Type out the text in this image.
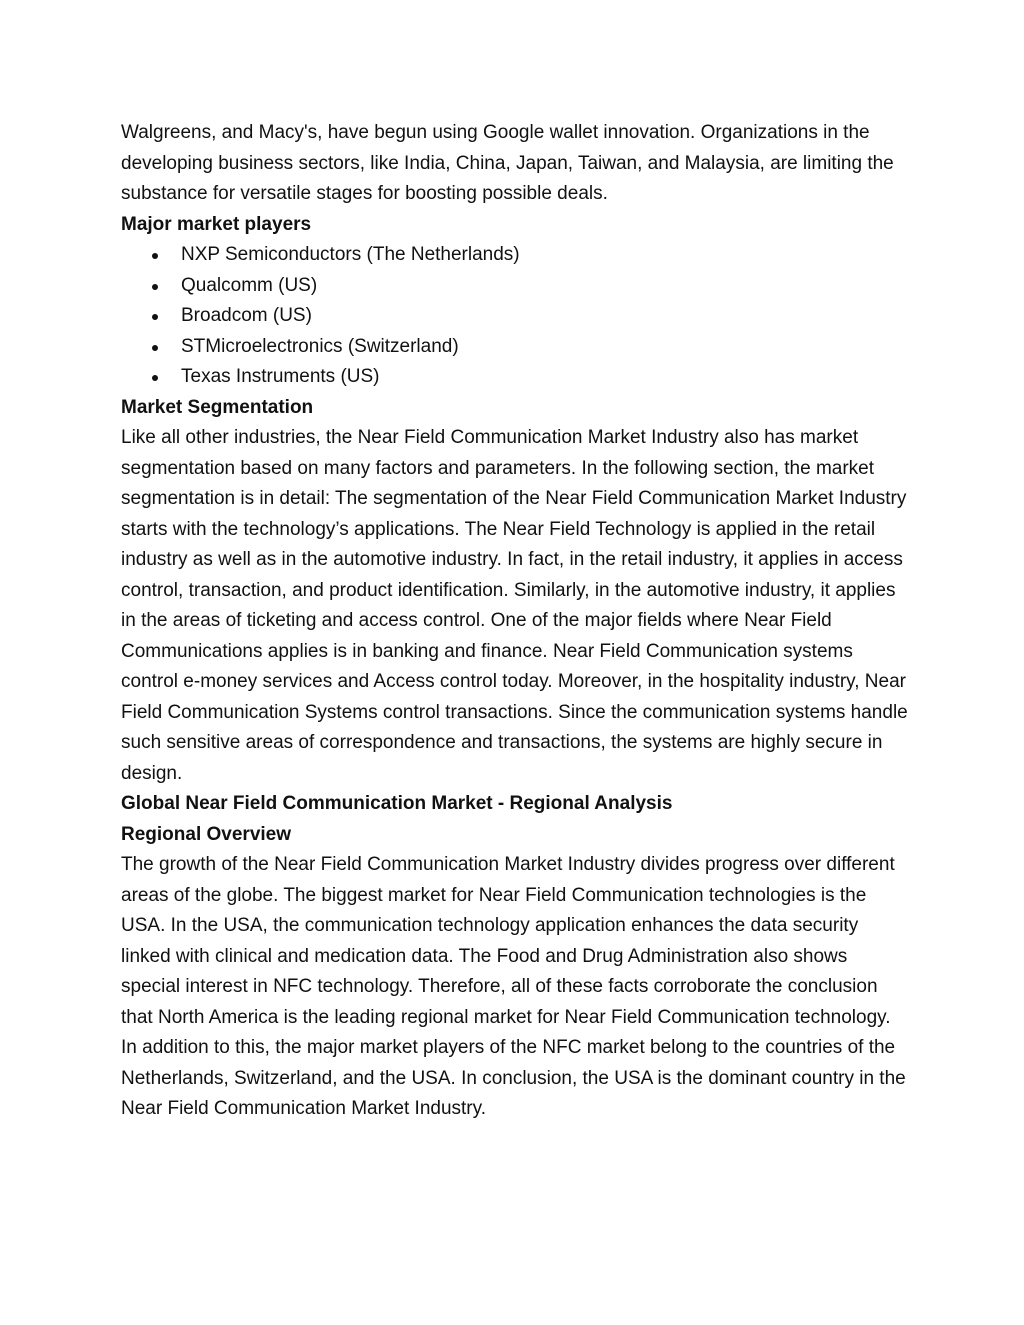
Walgreens, and Macy's, have begun using Google wallet innovation. Organizations in the developing business sectors, like India, China, Japan, Taiwan, and Malaysia, are limiting the substance for versatile stages for boosting possible deals.

Major market players

NXP Semiconductors (The Netherlands)
Qualcomm (US)
Broadcom (US)
STMicroelectronics (Switzerland)
Texas Instruments (US)

Market Segmentation

Like all other industries, the Near Field Communication Market Industry also has market segmentation based on many factors and parameters. In the following section, the market segmentation is in detail: The segmentation of the Near Field Communication Market Industry starts with the technology’s applications. The Near Field Technology is applied in the retail industry as well as in the automotive industry. In fact, in the retail industry, it applies in access control, transaction, and product identification. Similarly, in the automotive industry, it applies in the areas of ticketing and access control. One of the major fields where Near Field Communications applies is in banking and finance. Near Field Communication systems control e-money services and Access control today. Moreover, in the hospitality industry, Near Field Communication Systems control transactions. Since the communication systems handle such sensitive areas of correspondence and transactions, the systems are highly secure in design.

Global Near Field Communication Market - Regional Analysis

Regional Overview

The growth of the Near Field Communication Market Industry divides progress over different areas of the globe. The biggest market for Near Field Communication technologies is the USA. In the USA, the communication technology application enhances the data security linked with clinical and medication data. The Food and Drug Administration also shows special interest in NFC technology. Therefore, all of these facts corroborate the conclusion that North America is the leading regional market for Near Field Communication technology. In addition to this, the major market players of the NFC market belong to the countries of the Netherlands, Switzerland, and the USA. In conclusion, the USA is the dominant country in the Near Field Communication Market Industry.
